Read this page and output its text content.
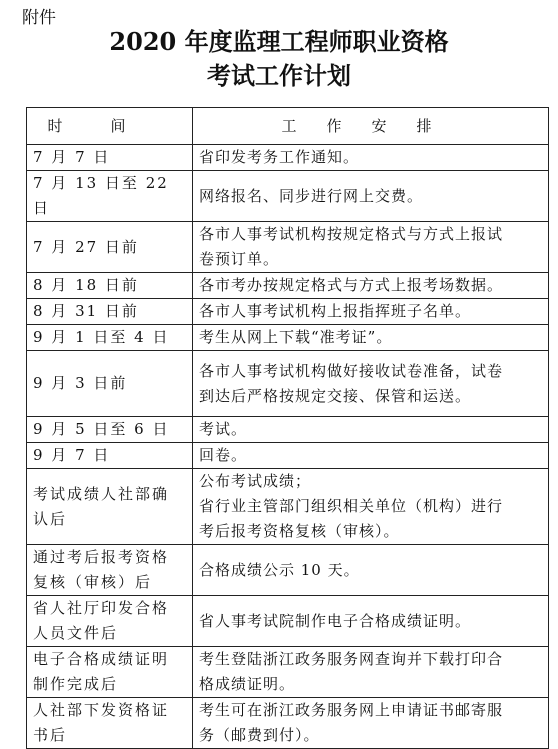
附件
2020 年度监理工程师职业资格
考试工作计划
时间	工作安排

7 月 7 日	省印发考务工作通知。

7 月 13 日至 22 日	网络报名、同步进行网上交费。

7 月 27 日前	各市人事考试机构按规定格式与方式上报试
卷预订单。

8 月 18 日前	各市考办按规定格式与方式上报考场数据。

8 月 31 日前	各市人事考试机构上报指挥班子名单。

9 月 1 日至 4 日	考生从网上下载“准考证”。

9 月 3 日前	各市人事考试机构做好接收试卷准备，试卷
到达后严格按规定交接、保管和运送。

9 月 5 日至 6 日	考试。

9 月 7 日	回卷。

考试成绩人社部确
认后	公布考试成绩；
省行业主管部门组织相关单位（机构）进行
考后报考资格复核（审核）。

通过考后报考资格
复核（审核）后	合格成绩公示 10 天。

省人社厅印发合格
人员文件后	省人事考试院制作电子合格成绩证明。

电子合格成绩证明
制作完成后	考生登陆浙江政务服务网查询并下载打印合
格成绩证明。

人社部下发资格证
书后	考生可在浙江政务服务网上申请证书邮寄服
务（邮费到付）。
